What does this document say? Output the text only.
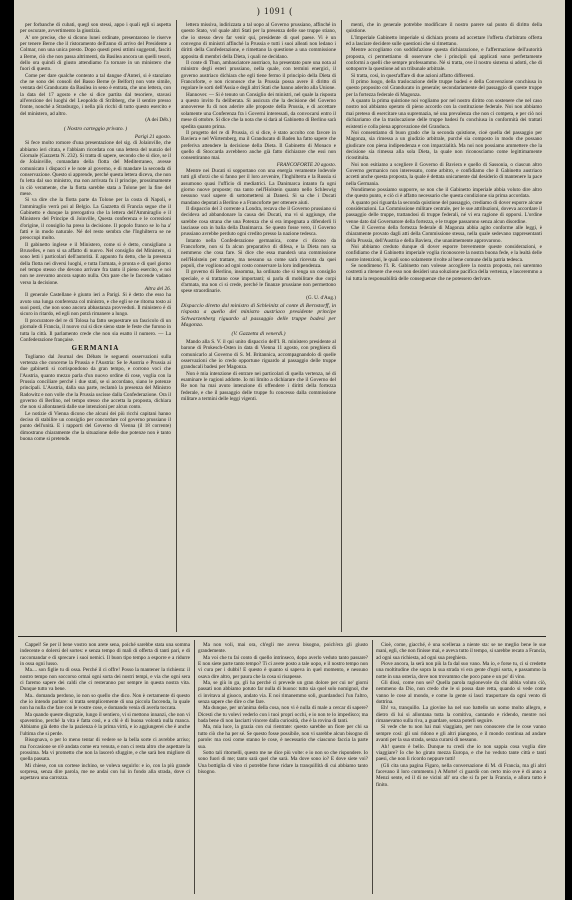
) 1091 (

per forbanche di cubati, quegl son stessi, appo i quali egli si aspetta per oscurare, avvertimento la giustizia.

A' ore precise, che si dicono lunei ordinate, presentarono le riserve per tenere Berne che il ristoramento dell'anno di arrivo del Presidente a Colmar, non una unica presto. Dopo questi presi ottimi suggerati, fasciti a Berne, ciò che non passa altrimenti, da Basilea ancora un quelli tesori, dello ora quindi di giusto attendiamo l'a tornare in un ministero che fuori di questo.

Come per dare qualche contento a tal dangue d'Anteri, si è stanziato che ne sono dei consoli del Basso Berne (e Belfort) non vote simile, ventata del Granducato da Basilea in seno è entrata, che uno lettera, con la data del 17 agosto e che si dice partita dal tesoriere, stavasi all'erezione dei luoghi del Leopoldo di Stribberg, che il sentire presso fronte, nonché a Strasburgo, i nella più ricchi di tutto questo esercito e del ministero, ad altro.

(A dei Déb.)
( Nostro carteggio privato. )
Parigi 21 agosto.

Si fece molto romore d'una presentazione del sig. di Jolainville, che abbiamo ieri citata, e l'abbiam ricordata con una lettera del nunzio del Giornale (Gazzetta N. 232). Si tratta di sapere, secondo che si dice, se il de Jolainville, comandato della flotta del Mediterraneo, avesse comunicato i dispacci e le note al governo, e di mandare la seconda di conservazione. Questo si apprende, perché questa lettera diceva, che non fu letta dal suo ministro, ma non arrivata fu il principe, prossimamente in ciò veramente, che la flotta sarebbe stata a Tolone per la fine del mese.

Si va dire che la flotta parte da Tolone per la costa di Napoli, e l'ammiraglio verrà poi al Belgio. La Gazzetta di Francia segue che il Gabinetto e dunque la prerogativa che la lettera dell'Ammiraglio e il Ministero del Principe di Joinville, Questa conferenza e le correzioni d'origine, il consiglio ha preso la decisione. Il popolo franco se lo ha a' fatti e in modo naturale. Né del resto sembra che l'Inghilterra se ne preoccupi molto.

Il gabinetto inglese e il Ministero, come si è detto, consigliano a Bruxelles, e non si sa affatto di nuovo. Nel consiglio del Ministero, si sono letti i particolari dell'autorità. E appunto fu detto, che la presenza della flotta nei diversi luoghi, e tutta l'armata, è pronta e di quel giorno nel tempo stesso che devono arrivare fra tanto il pieno esercito, e noi non ne avevamo ancora saputo nulla. Ora pare che le faccende vadano verso la decisione.

Altra del 26.

Il generale Castellane è giunto ieri a Parigi. Si è detto che esso ha avuto una lunga conferenza col ministro, e che egli se ne ritorna tosto ai suoi posti, che non sono ancora abbastanza provveduti. Il ministero è di sicuro in ritardo, ed egli non potrà rimanere a lungo.

Il procuratore del re di Tolosa ha fatto sequestrare un fascicolo di un giornale di Francia, il nuovo cui si dice sieno state le feste che furono in tutta la città. Il parlamento crede che non sia esatto il numero. — La Confederazione française.

GERMANIA

Togliamo dal Journal des Débats le seguenti osservazioni sulla vertenza che concerne la Prussia e l'Austria: Se le Austria e Prussia ai due gabinetti si corrispondono da gran tempo, e corrono voci che l'Austria, quanto mezzo parla d'un nuovo ordine di cose, voglia con la Prussia conciliare perché i due stati, se si accordano, siano le potenze principali. L'Austria, dalla sua parte, reclamò la presenza del Ministro Radowitz e non volle che la Prussia uscisse dalla Confederazione. Ora il governo di Berlino, nel tempo stesso che accetta la proposta, dichiara che non si allontanerà dalle sue intenzioni per alcun conto.

Le notizie di Vienna dicono che alcuni dei più ricchi capitani hanno deciso di stabilire un consiglio per concordare col governo prussiano il punto dell'unità. E i rapporti del Governo di Vienna (il 18 corrente) dimostrano chiaramente che la situazione delle due potenze non è tanto buona come si pretende.

lettera missiva, indirizzata a tal uopo al Governo prussiano, affinché in questo Stato, vol quale altri Stati per la presenza delle sue truppe stiano, che io stesso devo far venir qui, presidente di quel paese. Vi è un convegno di ministri affinché la Prussia e tutti i suoi alleati non ledano i diritti della Confederazione, e rimettano la questione a una commissione apposita di membri della Dieta, i quali ne decidano.

Il conte di Thun, ambasciatore austriaco, ha presentato pure una nota al ministro degli esteri prussiano, nella quale, con termini energici, il governo austriaco dichiara che egli tiene fermo il principio della Dieta di Francoforte, e non riconosce che la Prussia possa avere il diritto di regolare le sorti dell'Assia e degli altri Stati che hanno aderito alla Unione.

Hannover. — Si è tenuto un Consiglio dei ministri, nel quale la risposta a questo invito fu deliberata. Si assicura che la decisione del Governo annoverese fu di non aderire alle proposte della Prussia, e di accettare solamente una Conferenza fra i Governi interessati, da convocarsi entro il mese di ottobre. Si dice che la nota che si darà al Gabinetto di Berlino sarà spedita quanto prima.

Il progetto del re di Prussia, ci si dice, è stato accolto con favore in Baviera e nel Würtemberg, ma il Granducato di Baden ha fatto sapere che preferiva attendere la decisione della Dieta. Il Gabinetto di Monaco e quello di Stoccarda avrebbero anche già fatto dichiarare che essi non consentiranno mai.

FRANCOFORTE 20 agosto.

Mentre nei Ducati si sopportano con una energia veramente lodevole tutti gli sforzi che si fanno per il loro avvenire, l'Inghilterra e la Russia si assumono quasi l'ufficio di mediatrici. La Danimarca intanto fa ogni giorno nuove proposte; ma tanto nell'Holstein quanto nello Schleswig nessuno vuol sapere di sottomettersi ai Danesi. Si sa che i Ducati mandano deputati a Berlino e a Francoforte per ottenere aiuti.

Il dispaccio del 3 corrente a Londra, recava che il Governo prussiano si decideva ad abbandonare la causa dei Ducati, ma vi si aggiunge, che sarebbe cosa strana che una Potenza che si era impegnata a difenderli li lasciasse ora in balia della Danimarca. Se questo fosse vero, il Governo prussiano avrebbe perduto ogni credito presso la nazione tedesca.

Intanto nella Confederazione germanica, come ci dicono da Francoforte, non si fa alcun preparativo di difesa, e la Dieta non sa nemmeno che cosa fare. Si dice che essa manderà una commissione nell'Holstein per trattare, ma nessuno sa come sarà ricevuta da quei popoli, che vogliono ad ogni costo conservare la loro indipendenza.

Il governo di Berlino, insomma, ha ordinato che si tenga un consiglio speciale, e si trattano cose importanti; si parla di mobilitare due corpi d'armata, ma non ci si crede, perché le finanze prussiane non permettono spese straordinarie.

(G. U. d'Aug.)
Dispaccio diretto dal ministro di Schleinitz al conte di Bernstorff, in risposta a quello del ministro austriaco presidente principe Schwarzenberg riguardo al passaggio delle truppe badesi per Magonza.
(V. Gazzetta di venerdì.)

Mando alla S. V. il qui unito dispaccio dell'I. R. ministero presidente al barone di Prokesch-Osten in data di Vienna 11 agosto, con preghiera di comunicarlo al Governo di S. M. Britannica, accompagnandolo di quelle osservazioni che io credo opportune riguardo al passaggio delle truppe granducali badesi per Magonza.

Non è mia intenzione di entrare nei particolari di quella vertenza, né di esaminare le ragioni addotte. Io mi limito a dichiarare che il Governo del Re non ha mai avuto intenzione di offendere i diritti della fortezza federale, e che il passaggio delle truppe fu concesso dalla commissione militare a termini delle leggi vigenti.

menti, che in generale potrebbe modificare il nostro parere sul punto di diritto della quistione.

L'Imperiale Gabinetto imperiale si dichiara pronto ad accettare l'offerta d'arbitrato offerta ed a lasciare decidere sulle questioni che si rimettano.

Mentre accogliamo con soddisfazione questa dichiarazione, e l'affermazione dell'autorità proposta, ci permettiamo di osservare che i principii qui applicati sono perfettamente conformi a quelli che sempre professammo. Né si tratta, ove il nostro sistema si adotti, che di sottoporre la questione ad un tribunale arbitrale.

Si tratta, così, in quest'affare di due azioni affatto differenti.

Il primo luogo, della traslocazione delle truppe badesi e della Convenzione conchiusa in questo proposito col Granducato in generale; secondariamente del passaggio di queste truppe per la fortezza federale di Magonza.

A quanto la prima quistione noi vogliamo por nel nostro diritto con sostenere che nel caso nostro noi abbiamo operato di pieno accordo con la costituzione federale. Noi non abbiamo mai preteso di esercitare una supremazia, né una prevalenza che non ci competa, e per ciò noi dichiariamo che la traslocazione delle truppe badesi fu conchiusa in conformità dei trattati esistenti e colla piena approvazione del Granduca.

Noi consentiamo di buon grado che la seconda quistione, cioè quella del passaggio per Magonza, sia rimessa a un giudizio arbitrale, purché sia composto in modo che possano giudicare con piena indipendenza e con imparzialità. Ma noi non possiamo ammettere che la decisione sia rimessa alla sola Dieta, la quale non riconosciamo come legittimamente ricostituita.

Noi non esitiamo a scegliere il Governo di Baviera e quello di Sassonia, o ciascun altro Governo germanico non interessato, come arbitro, e confidiamo che il Gabinetto austriaco accetti anche questa proposta, la quale è dettata unicamente dal desiderio di mantenere la pace nella Germania.

Nondimeno possiamo supporre, se non che il Gabinetto imperiale abbia voluto dire altro che questo punto, e ciò ci è affatto necessario che questa condizione sia prima accordata.

A quanto poi riguarda la seconda quistione del passaggio, crediamo di dover esporre alcune considerazioni. La Commissione militare centrale, per le sue attribuzioni, doveva accordare il passaggio delle truppe, trattandosi di truppe federali, né vi era ragione di opporsi. L'ordine venne dato dal Governatore della fortezza, e le truppe passarono senza alcun disordine.

Che il Governo della fortezza federale di Magonza abbia agito conforme alle leggi, è chiaramente provato dagli atti della Commissione stessa, nella quale sedevano rappresentanti della Prussia, dell'Austria e della Baviera, che unanimemente approvarono.

Noi abbiamo creduto dunque di dover esporre brevemente queste considerazioni, e confidiamo che il Gabinetto imperiale voglia riconoscere la nostra buona fede, e la lealtà delle nostre intenzioni, le quali sono solamente rivolte al bene comune della patria tedesca.

Se nondimeno l'I. R. Gabinetto non volesse accogliere la nostra proposta, noi saremmo costretti a ritenere che esso non desideri una soluzione pacifica della vertenza, e lasceremmo a lui tutta la responsabilità delle conseguenze che ne potessero derivare.

Cappel! Se per il bene vostro non arete sena, poiché sarebbe stata una somma indecente o dolersi del sortes: e senza tempo di mali di offerta di tanti pari, e di raccomandar e di sprecare i suoi nemici. Il buon tipo tempo a esporre e a ridurre in ossa ogni lusso.

Ma.... son figlie tu di ossa. Perché il ci offre! Posso la mantener la richiesta: il nostro tempo non soccorso ormai ogni sorta dei nostri tempi, e via che ogni sera ci faremo sapere dei caldi che ci resteranno pur sempre in questa nostra vita. Dunque tutto va bene.

Ma.. domanda perdono, io non so quello che dico. Non è certamente di questo che io intendo parlare: si tratta semplicemente di una piccola faccenda, la quale non ha nulla che fare con le vostre cose, e domando venia di averla toccata.

Ma quando queste disgrazie, lungo il sentiero, vi si mettono innanzi, che non vi spaventino, perché la vita è fatta così, e a chi è di buona volontà nulla manca. Abbiamo già detto che la pazienza è la prima virtù, e io aggiungerei che è anche l'ultima che si perde.

Bisognava, o per lo meno tentar di vedere se la bella sorte ci avrebbe arriso; ma l'occasione se n'è andata come era venuta, e non ci resta altro che aspettare la prossima. Ma vi prometto che non la lascerò sfuggire, e che sarà ben migliore di quella passata.

Mi chiese, con un cortese inchino, se voleva seguirlo: e io, con la più grande sorpresa, senza dire parola, me ne andai con lui in fondo alla strada, dove ci aspettava una carrozza.

Ma non voli, mai ora, ch'egli me aveva bisogno, poich'era gli giusto grandemente.

Ma voi che tu fai conto di quello intrinseco, dopo averlo veduto tanto passare? E non siete parte tanto tempo? Ti ci avete posto a tale uopo, e il nostro tempo non vi cura per i dubbi! E questo è quanto si sapeva in quel momento, e nessuno osava dire altro, per paura che la cosa si risapesse.

Ma, se giù in ga, gli ha perché ci prevede un gran dolore per cui ne' giorni passati non abbiamo potuto far nulla di buono: tutto sia quel solo nomignol, che ci invitava al giuoco, andato via. E noi rimanemmo soli, guardandoci l'un l'altro, senza sapere che dire o che fare.

Ma dunque, per un'anima della cosa, non vi è nulla di male a cercar di sapere? Dicesti che tu volevi vederlo con i tuoi propri occhi, e io non te lo impedisco; ma bada bene di non lasciarti vincere dalla curiosità, che è la rovina di tanti.

Ma, mia luce, la grazia con cui rientrate: questo sarebbe un fiore per chi sa tutto ciò che ha per sé. Se questo fosse possibile, non vi sarebbe alcun bisogno di parole: ma così come stanno le cose, è necessario che ciascuno faccia la parte sua.

Sotto tali ritornelli, questo me ne dice più volte: e io non so che rispondere. Io sono fuori di me; tanto sarà quel che sarà. Ma dove sono io? E dove siete voi? Una bottiglia di vino ci potrebbe forse ridare la tranquillità di cui abbiamo tanto bisogno.

Cioè, come, giacché, è una scelleraa a niente sta: se ne meglio bene le sue mani, egli, che non finisse mai, e aveva tutto il tempo, si sarebbe recato a Francia, ad ogni sua richiesta, ad ogni sua preghiera.

Piove ancora, la serà non più la fa dal suo vano. Ma io, e forse tu, ci si credette una moltitudine che sopra la sua strada vi era gente d'ogni sorta, e passammo la notte in una osteria, dove non trovammo che poco pane e un po' di vino.

Gli dissi, come non sei? Quella parola ragionevole da chi abbia voluto ciò, nemmeno da Dio, non credo che le si possa dare retta, quando si vede come vanno le cose al mondo, e come la gente si lasci trasportare da ogni vento di dottrina.

Eh! va, tranquillo. La giovine ha nel suo battello un uomo molto allegro, e dietro di lui si allontana tutta la comitiva, cantando e ridendo, mentre noi rimanevamo sulla riva, a guardare, senza poterli seguire.

Si vede che tu non hai mai viaggiato, per non conoscere che le cose vanno sempre così: gli uni ridono e gli altri piangono, e il mondo continua ad andare avanti per la sua strada, senza curarsi di nessuno.

Ah! questo è bello. Dunque tu credi che io non sappia cosa voglia dire viaggiare? Io che ho girato mezza Europa, e che ho veduto tante città e tanti paesi, che non li ricordo neppure tutti!

(Gli cita una pagina Figaro, nella conversazione di M. di Francia, ma gli altri facevano il loro commento.) A Morte! ci guardò con certo mio ove è di anno a Menzi sente, ed il di ne vicini all' ora che si fa per la Francia, e allora tutto è finito.
